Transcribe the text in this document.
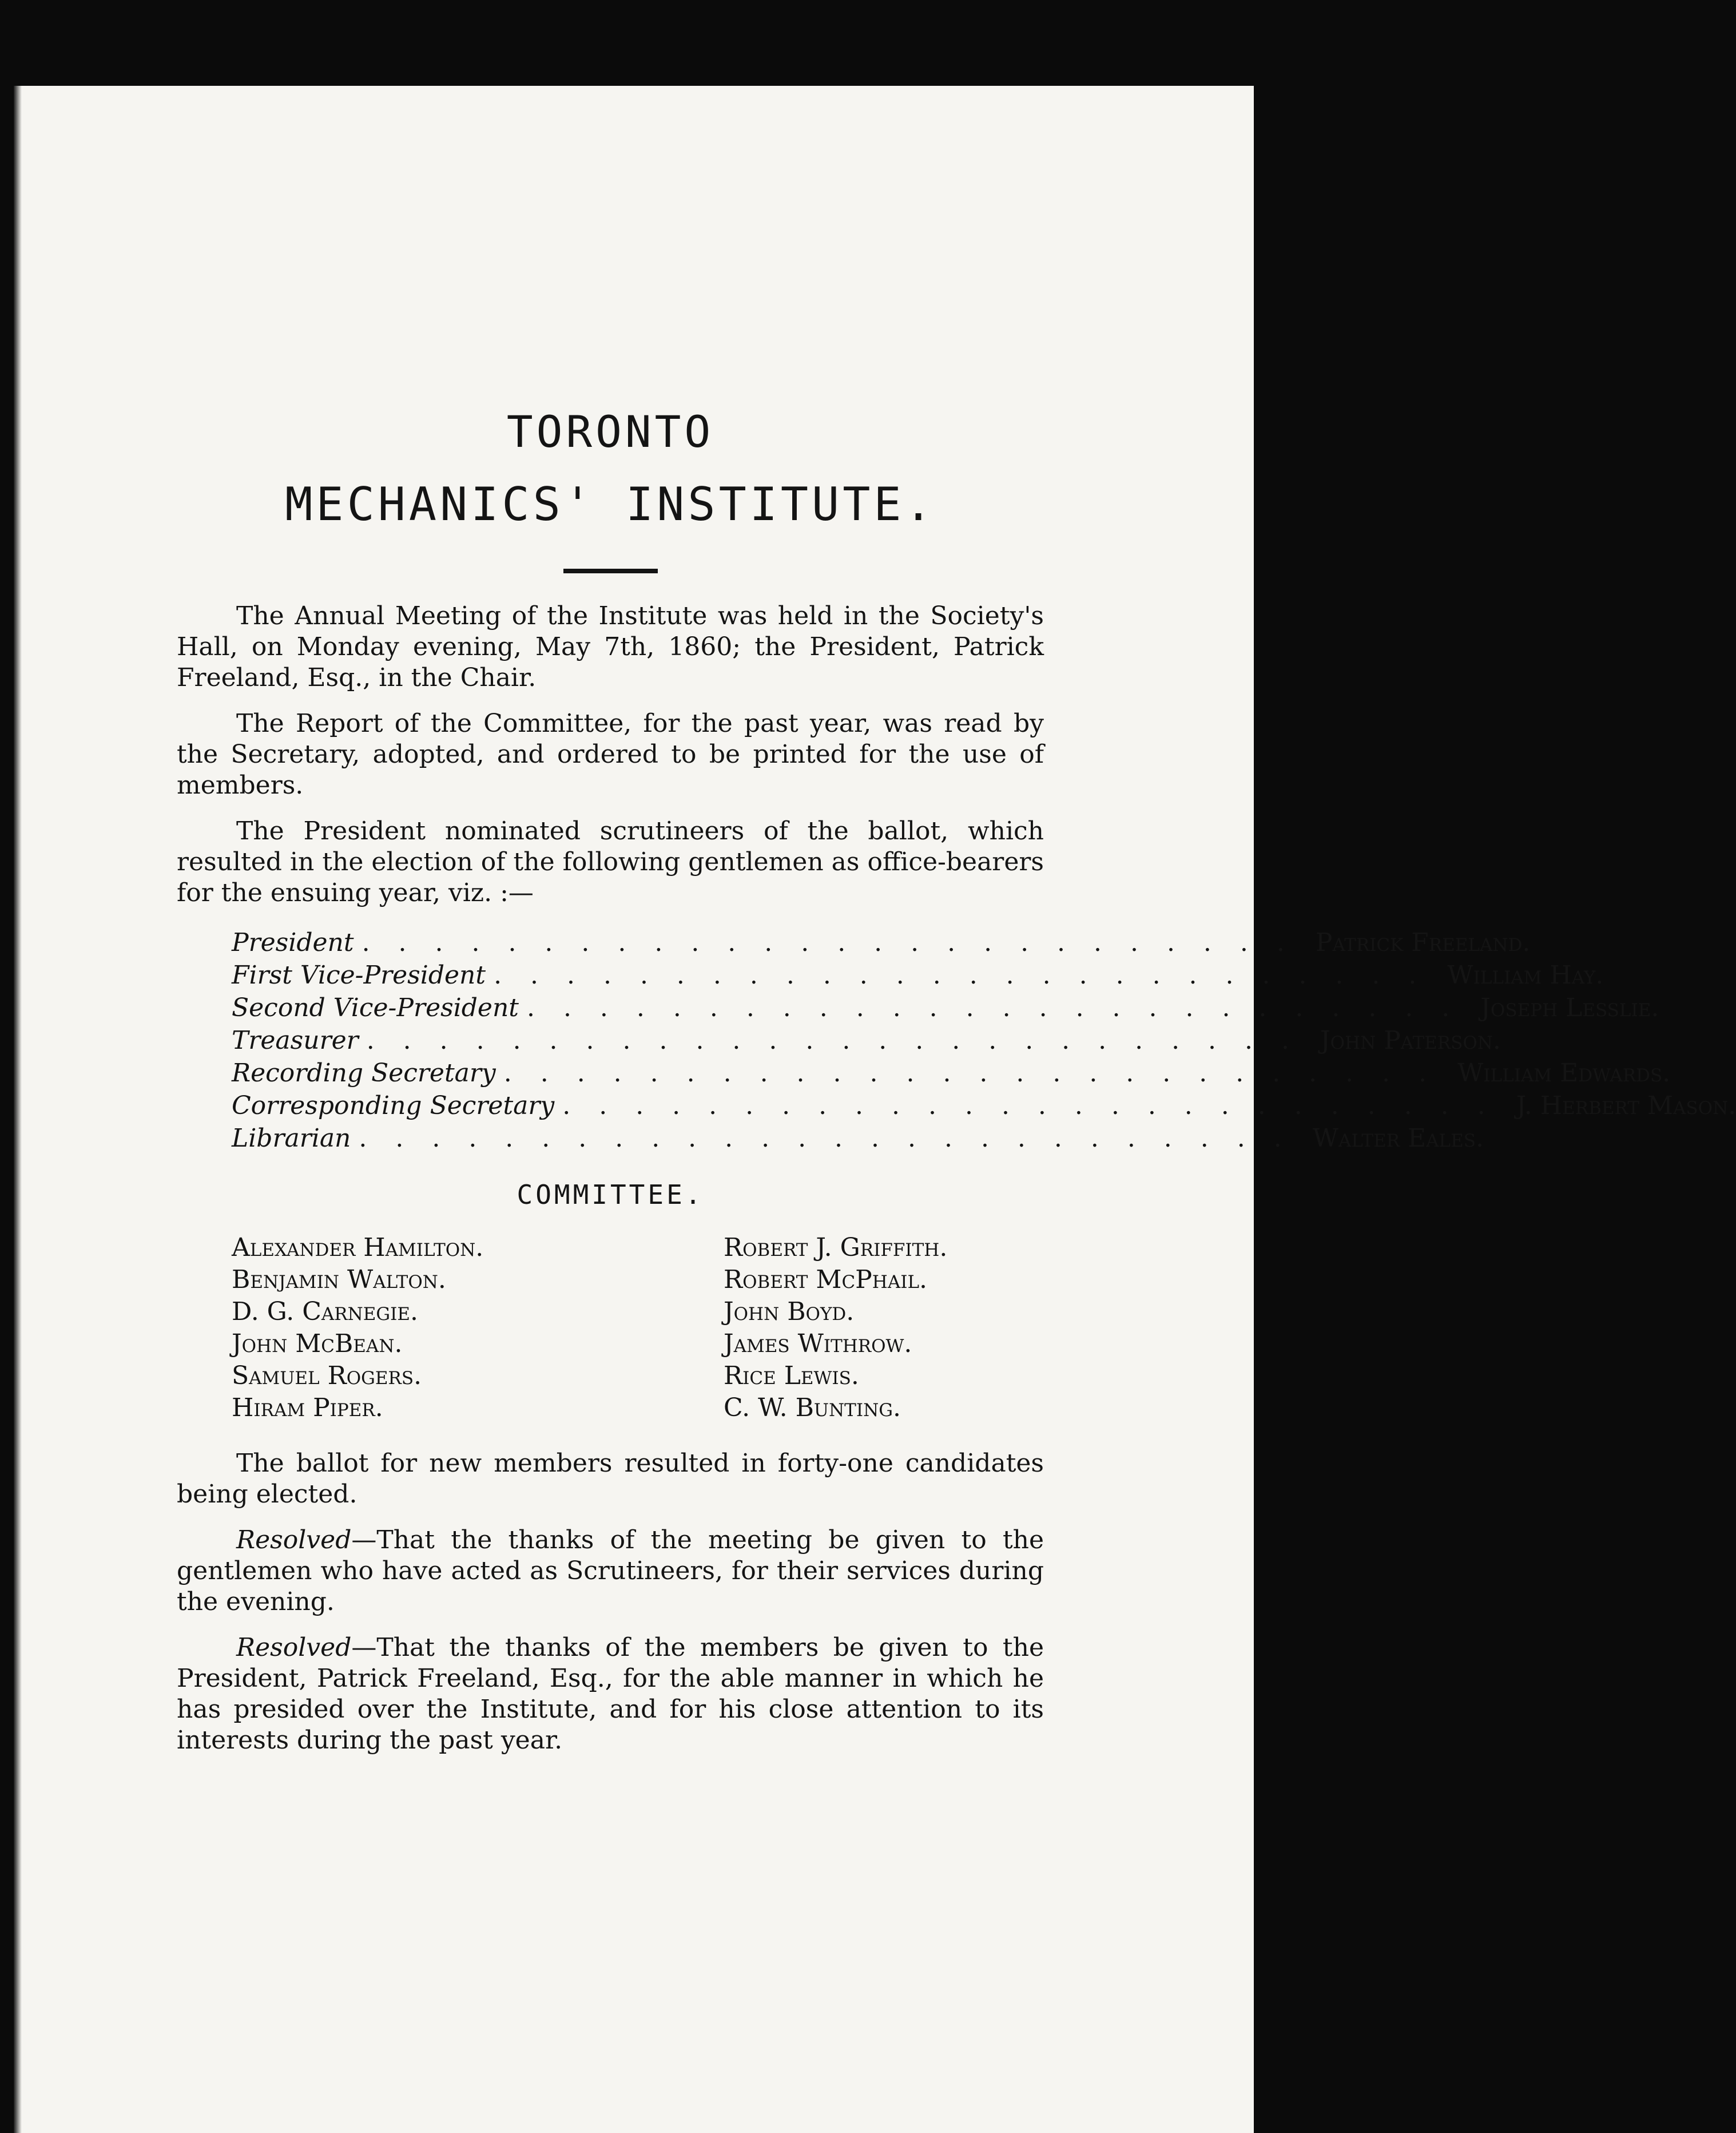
TORONTO
MECHANICS' INSTITUTE.

The Annual Meeting of the Institute was held in the Society's Hall, on Monday evening, May 7th, 1860; the President, Patrick Freeland, Esq., in the Chair.

The Report of the Committee, for the past year, was read by the Secretary, adopted, and ordered to be printed for the use of members.

The President nominated scrutineers of the ballot, which resulted in the election of the following gentlemen as office-bearers for the ensuing year, viz. :—

President . . . . . . . . . . . . . . . . . . . . . . . . . . Patrick Freeland.
First Vice-President . . . . . . . . . . . . . . . . . . . . . . . . . . William Hay.
Second Vice-President . . . . . . . . . . . . . . . . . . . . . . . . . . Joseph Lesslie.
Treasurer . . . . . . . . . . . . . . . . . . . . . . . . . . John Paterson.
Recording Secretary . . . . . . . . . . . . . . . . . . . . . . . . . . William Edwards.
Corresponding Secretary . . . . . . . . . . . . . . . . . . . . . . . . . . J. Herbert Mason.
Librarian . . . . . . . . . . . . . . . . . . . . . . . . . . Walter Eales.
COMMITTEE.
Alexander Hamilton.
Benjamin Walton.
D. G. Carnegie.
John McBean.
Samuel Rogers.
Hiram Piper.
Robert J. Griffith.
Robert McPhail.
John Boyd.
James Withrow.
Rice Lewis.
C. W. Bunting.

The ballot for new members resulted in forty-one candidates being elected.

Resolved—That the thanks of the meeting be given to the gentlemen who have acted as Scrutineers, for their services during the evening.

Resolved—That the thanks of the members be given to the President, Patrick Freeland, Esq., for the able manner in which he has presided over the Institute, and for his close attention to its interests during the past year.
